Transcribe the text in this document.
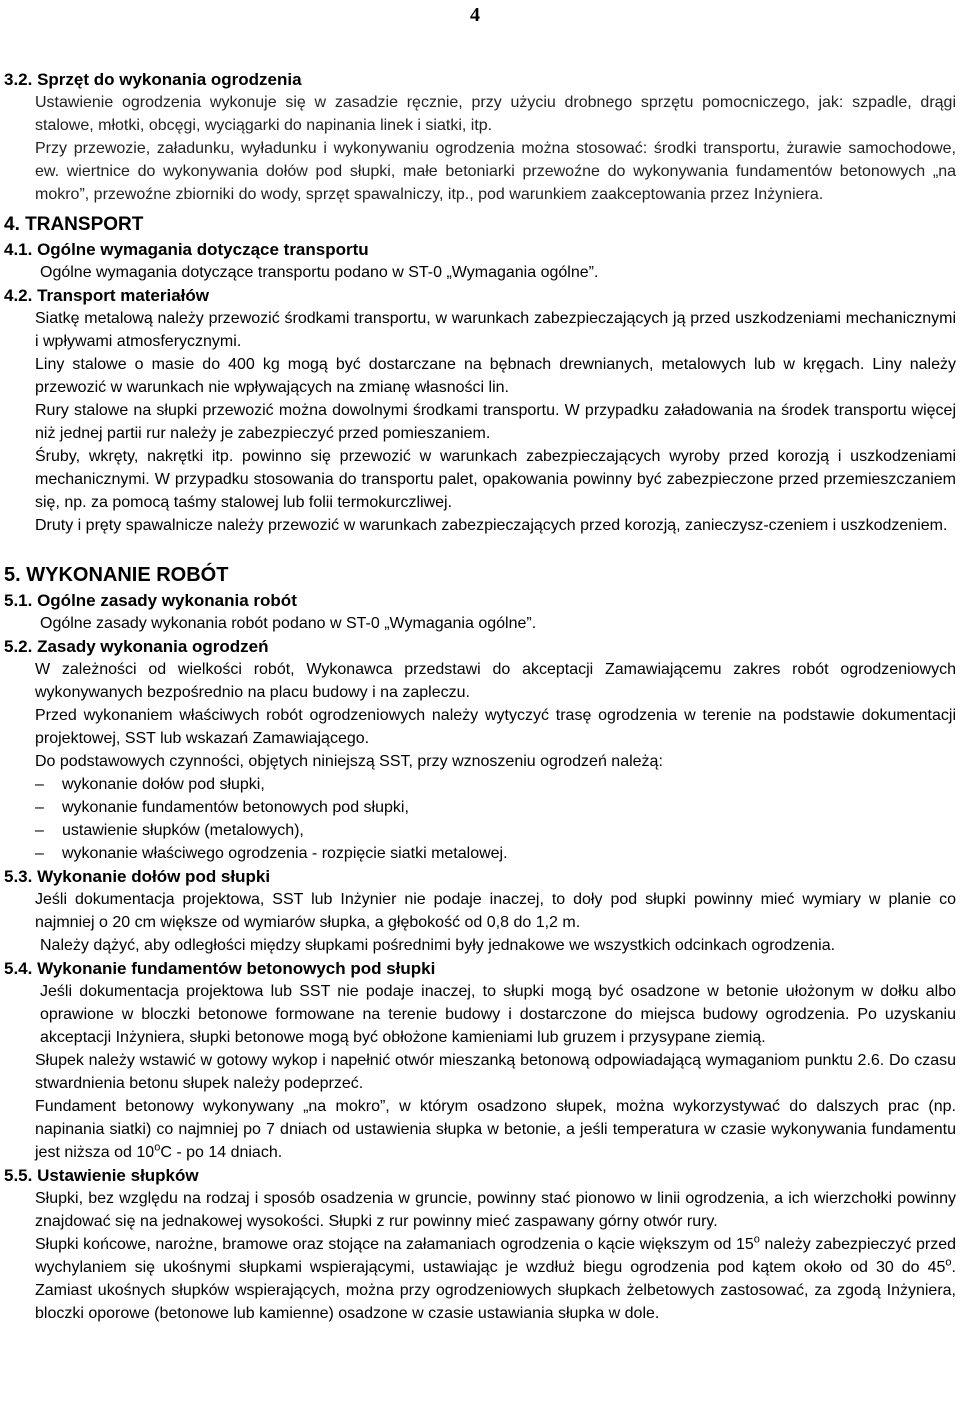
4

3.2. Sprzęt do wykonania ogrodzenia

Ustawienie ogrodzenia wykonuje się w zasadzie ręcznie, przy użyciu drobnego sprzętu pomocniczego, jak: szpadle, drągi stalowe, młotki, obcęgi, wyciągarki do napinania linek i siatki, itp.

Przy przewozie, załadunku, wyładunku i wykonywaniu ogrodzenia można stosować: środki transportu, żurawie samochodowe, ew. wiertnice do wykonywania dołów pod słupki, małe betoniarki przewoźne do wykonywania fundamentów betonowych „na mokro”, przewoźne zbiorniki do wody, sprzęt spawalniczy, itp., pod warunkiem zaakceptowania przez Inżyniera.

4. TRANSPORT

4.1. Ogólne wymagania dotyczące transportu

Ogólne wymagania dotyczące transportu podano w ST-0 „Wymagania ogólne”.

4.2. Transport materiałów

Siatkę metalową należy przewozić środkami transportu, w warunkach zabezpieczających ją przed uszkodzeniami mechanicznymi i wpływami atmosferycznymi.

Liny stalowe o masie do 400 kg mogą być dostarczane na bębnach drewnianych, metalowych lub w kręgach. Liny należy przewozić w warunkach nie wpływających na zmianę własności lin.

Rury stalowe na słupki przewozić można dowolnymi środkami transportu. W przypadku załadowania na środek transportu więcej niż jednej partii rur należy je zabezpieczyć przed pomieszaniem.

Śruby, wkręty, nakrętki itp. powinno się przewozić w warunkach zabezpieczających wyroby przed korozją i uszkodzeniami mechanicznymi. W przypadku stosowania do transportu palet, opakowania powinny być zabezpieczone przed przemieszczaniem się, np. za pomocą taśmy stalowej lub folii termokurczliwej.

Druty i pręty spawalnicze należy przewozić w warunkach zabezpieczających przed korozją, zanieczysz-czeniem i uszkodzeniem.

5. WYKONANIE ROBÓT

5.1. Ogólne zasady wykonania robót

Ogólne zasady wykonania robót podano w ST-0 „Wymagania ogólne”.

5.2. Zasady wykonania ogrodzeń

W zależności od wielkości robót, Wykonawca przedstawi do akceptacji Zamawiającemu zakres robót ogrodzeniowych wykonywanych bezpośrednio na placu budowy i na zapleczu.

Przed wykonaniem właściwych robót ogrodzeniowych należy wytyczyć trasę ogrodzenia w terenie na podstawie dokumentacji projektowej, SST lub wskazań Zamawiającego.

Do podstawowych czynności, objętych niniejszą SST, przy wznoszeniu ogrodzeń należą:

–	wykonanie dołów pod słupki,
–	wykonanie fundamentów betonowych pod słupki,
–	ustawienie słupków (metalowych),
–	wykonanie właściwego ogrodzenia - rozpięcie siatki metalowej.

5.3. Wykonanie dołów pod słupki

Jeśli dokumentacja projektowa, SST lub Inżynier nie podaje inaczej, to doły pod słupki powinny mieć wymiary w planie co najmniej o 20 cm większe od wymiarów słupka, a głębokość od 0,8 do 1,2 m.

Należy dążyć, aby odległości między słupkami pośrednimi były jednakowe we wszystkich odcinkach ogrodzenia.

5.4. Wykonanie fundamentów betonowych pod słupki

Jeśli dokumentacja projektowa lub SST nie podaje inaczej, to słupki mogą być osadzone w betonie ułożonym w dołku albo oprawione w bloczki betonowe formowane na terenie budowy i dostarczone do miejsca budowy ogrodzenia. Po uzyskaniu akceptacji Inżyniera, słupki betonowe mogą być obłożone kamieniami lub gruzem i przysypane ziemią.

Słupek należy wstawić w gotowy wykop i napełnić otwór mieszanką betonową odpowiadającą wymaganiom punktu 2.6. Do czasu stwardnienia betonu słupek należy podeprzeć.

Fundament betonowy wykonywany „na mokro”, w którym osadzono słupek, można wykorzystywać do dalszych prac (np. napinania siatki) co najmniej po 7 dniach od ustawienia słupka w betonie, a jeśli temperatura w czasie wykonywania fundamentu jest niższa od 10$^o$C - po 14 dniach.

5.5. Ustawienie słupków

Słupki, bez względu na rodzaj i sposób osadzenia w gruncie, powinny stać pionowo w linii ogrodzenia, a ich wierzchołki powinny znajdować się na jednakowej wysokości. Słupki z rur powinny mieć zaspawany górny otwór rury.

Słupki końcowe, narożne, bramowe oraz stojące na załamaniach ogrodzenia o kącie większym od 15$^o$ należy zabezpieczyć przed wychylaniem się ukośnymi słupkami wspierającymi, ustawiając je wzdłuż biegu ogrodzenia pod kątem około od 30 do 45$^o$. Zamiast ukośnych słupków wspierających, można przy ogrodzeniowych słupkach żelbetowych zastosować, za zgodą Inżyniera, bloczki oporowe (betonowe lub kamienne) osadzone w czasie ustawiania słupka w dole.
